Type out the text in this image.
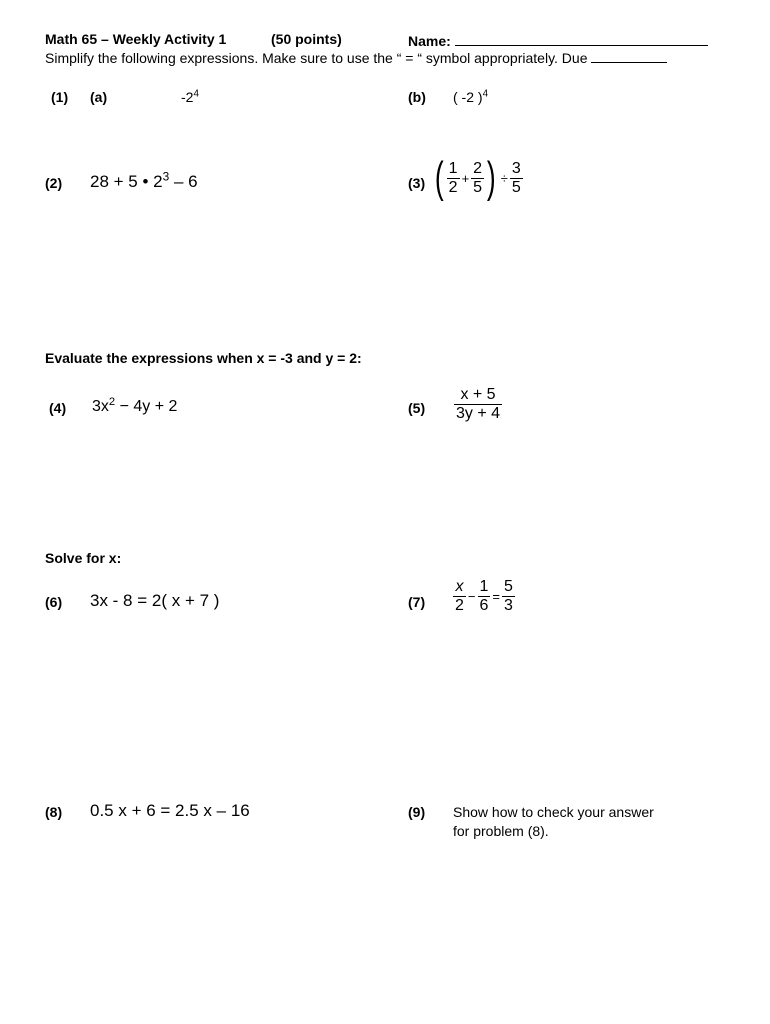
Math 65 – Weekly Activity 1	(50 points)	Name:
Simplify the following expressions. Make sure to use the “ = “ symbol appropriately. Due
(1) (a)	$-2^4$	(b) ( -2 )$^4$
(2) 28 + 5 • $2^3 - 6$	(3) ( $\frac{1}{2} + \frac{2}{5}$ ) ÷ $\frac{3}{5}$
Evaluate the expressions when x = -3 and y = 2:
(4) $3x^2 - 4y + 2$	$(5) \frac{x + 5}{3y + 4}$
Solve for x:
(6) 3x - 8 = 2( x + 7 )	$(7) \frac{x}{2} - \frac{1}{6} = \frac{5}{3}$
(8) 0.5 x + 6 = 2.5 x – 16	(9) Show how to check your answer
for problem (8).
